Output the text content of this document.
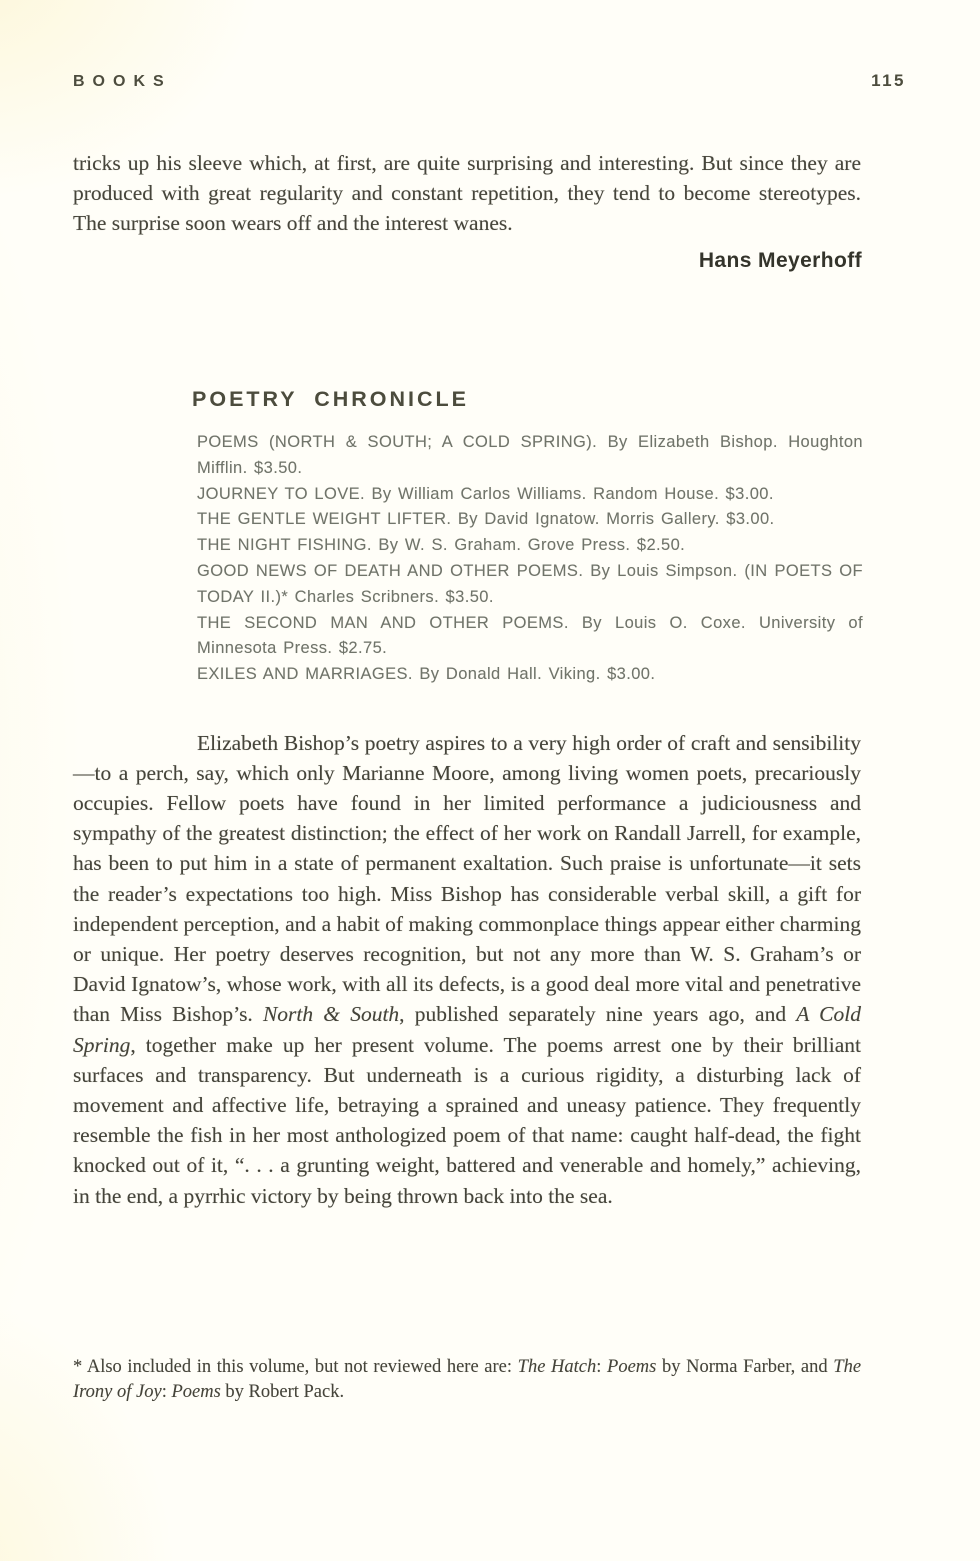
BOOKS	115

tricks up his sleeve which, at first, are quite surprising and interesting. But since they are produced with great regularity and constant repetition, they tend to become stereotypes. The surprise soon wears off and the interest wanes.

Hans Meyerhoff
POETRY CHRONICLE
POEMS (NORTH & SOUTH; A COLD SPRING). By Elizabeth Bishop. Houghton Mifflin. $3.50.
JOURNEY TO LOVE. By William Carlos Williams. Random House. $3.00.
THE GENTLE WEIGHT LIFTER. By David Ignatow. Morris Gallery. $3.00.
THE NIGHT FISHING. By W. S. Graham. Grove Press. $2.50.
GOOD NEWS OF DEATH AND OTHER POEMS. By Louis Simpson. (IN POETS OF TODAY II.)* Charles Scribners. $3.50.
THE SECOND MAN AND OTHER POEMS. By Louis O. Coxe. University of Minnesota Press. $2.75.
EXILES AND MARRIAGES. By Donald Hall. Viking. $3.00.

Elizabeth Bishop’s poetry aspires to a very high order of craft and sensibility—to a perch, say, which only Marianne Moore, among living women poets, precariously occupies. Fellow poets have found in her limited performance a judiciousness and sympathy of the greatest distinction; the effect of her work on Randall Jarrell, for example, has been to put him in a state of permanent exaltation. Such praise is unfortunate—it sets the reader’s expectations too high. Miss Bishop has considerable verbal skill, a gift for independent perception, and a habit of making commonplace things appear either charming or unique. Her poetry deserves recognition, but not any more than W. S. Graham’s or David Ignatow’s, whose work, with all its defects, is a good deal more vital and penetrative than Miss Bishop’s. North & South, published separately nine years ago, and A Cold Spring, together make up her present volume. The poems arrest one by their brilliant surfaces and transparency. But underneath is a curious rigidity, a disturbing lack of movement and affective life, betraying a sprained and uneasy patience. They frequently resemble the fish in her most anthologized poem of that name: caught half-dead, the fight knocked out of it, “. . . a grunting weight, battered and venerable and homely,” achieving, in the end, a pyrrhic victory by being thrown back into the sea.

* Also included in this volume, but not reviewed here are: The Hatch: Poems by Norma Farber, and The Irony of Joy: Poems by Robert Pack.
